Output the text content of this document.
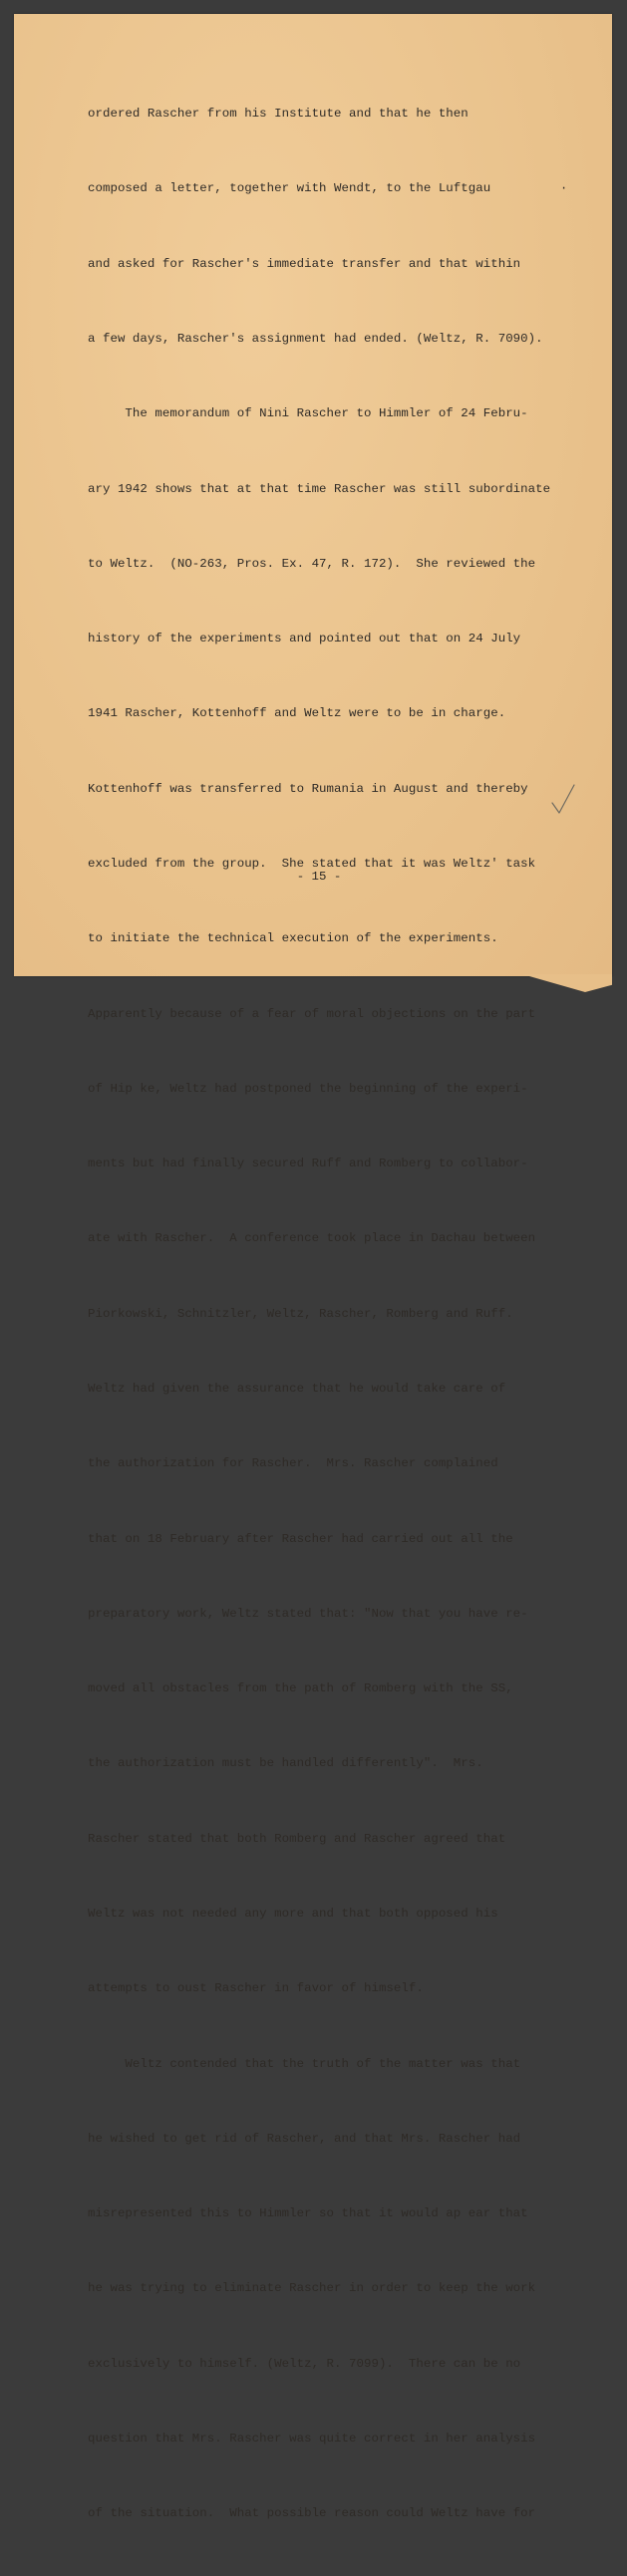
ordered Rascher from his Institute and that he then

composed a letter, together with Wendt, to the Luftgau

and asked for Rascher's immediate transfer and that within

a few days, Rascher's assignment had ended. (Weltz, R. 7090).

The memorandum of Nini Rascher to Himmler of 24 Febru-

ary 1942 shows that at that time Rascher was still subordinate

to Weltz.  (NO-263, Pros. Ex. 47, R. 172).  She reviewed the

history of the experiments and pointed out that on 24 July

1941 Rascher, Kottenhoff and Weltz were to be in charge.

Kottenhoff was transferred to Rumania in August and thereby

excluded from the group.  She stated that it was Weltz' task

to initiate the technical execution of the experiments.

Apparently because of a fear of moral objections on the part

of Hip ke, Weltz had postponed the beginning of the experi-

ments but had finally secured Ruff and Romberg to collabor-

ate with Rascher.  A conference took place in Dachau between

Piorkowski, Schnitzler, Weltz, Rascher, Romberg and Ruff.

Weltz had given the assurance that he would take care of

the authorization for Rascher.  Mrs. Rascher complained

that on 18 February after Rascher had carried out all the

preparatory work, Weltz stated that: "Now that you have re-

moved all obstacles from the path of Romberg with the SS,

the authorization must be handled differently".  Mrs.

Rascher stated that both Romberg and Rascher agreed that

Weltz was not needed any more and that both opposed his

attempts to oust Rascher in favor of himself.

Weltz contended that the truth of the matter was that

he wished to get rid of Rascher, and that Mrs. Rascher had

misrepresented this to Himmler so that it would ap ear that

he was trying to eliminate Rascher in order to keep the work

exclusively to himself. (Weltz, R. 7099).  There can be no

question that Mrs. Rascher was quite correct in her analysis

of the situation.  What possible reason could Weltz have for

·
- 15 -
